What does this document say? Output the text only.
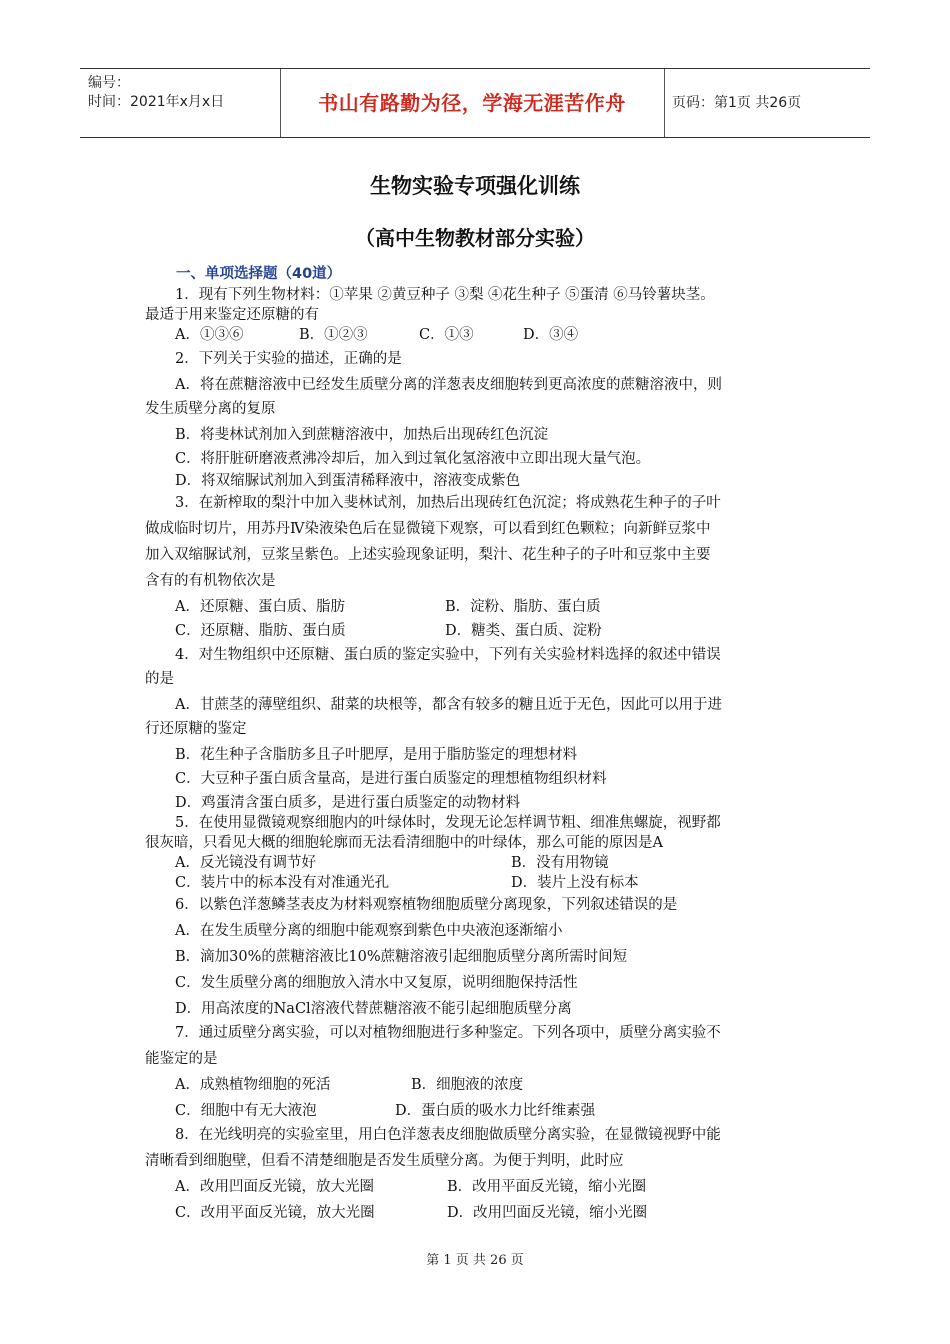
编号：
时间：2021年x月x日	书山有路勤为径，学海无涯苦作舟	页码：第1页 共26页
生物实验专项强化训练
（高中生物教材部分实验）
一、单项选择题（40道）
1．现有下列生物材料：①苹果 ②黄豆种子 ③梨 ④花生种子 ⑤蛋清 ⑥马铃薯块茎。
最适于用来鉴定还原糖的有
A．①③⑥	B．①②③	C．①③	D．③④
2．下列关于实验的描述，正确的是
A．将在蔗糖溶液中已经发生质壁分离的洋葱表皮细胞转到更高浓度的蔗糖溶液中，则
发生质壁分离的复原
B．将斐林试剂加入到蔗糖溶液中，加热后出现砖红色沉淀
C．将肝脏研磨液煮沸冷却后，加入到过氧化氢溶液中立即出现大量气泡。
D．将双缩脲试剂加入到蛋清稀释液中，溶液变成紫色
3．在新榨取的梨汁中加入斐林试剂，加热后出现砖红色沉淀；将成熟花生种子的子叶
做成临时切片，用苏丹Ⅳ染液染色后在显微镜下观察，可以看到红色颗粒；向新鲜豆浆中
加入双缩脲试剂，豆浆呈紫色。上述实验现象证明，梨汁、花生种子的子叶和豆浆中主要
含有的有机物依次是
A．还原糖、蛋白质、脂肪	B．淀粉、脂肪、蛋白质
C．还原糖、脂肪、蛋白质	D．糖类、蛋白质、淀粉
4．对生物组织中还原糖、蛋白质的鉴定实验中，下列有关实验材料选择的叙述中错误
的是
A．甘蔗茎的薄壁组织、甜菜的块根等，都含有较多的糖且近于无色，因此可以用于进
行还原糖的鉴定
B．花生种子含脂肪多且子叶肥厚，是用于脂肪鉴定的理想材料
C．大豆种子蛋白质含量高，是进行蛋白质鉴定的理想植物组织材料
D．鸡蛋清含蛋白质多，是进行蛋白质鉴定的动物材料
5．在使用显微镜观察细胞内的叶绿体时，发现无论怎样调节粗、细准焦螺旋，视野都
很灰暗，只看见大概的细胞轮廓而无法看清细胞中的叶绿体，那么可能的原因是A
A．反光镜没有调节好	B．没有用物镜
C．装片中的标本没有对准通光孔	D．装片上没有标本
6．以紫色洋葱鳞茎表皮为材料观察植物细胞质壁分离现象，下列叙述错误的是
A．在发生质壁分离的细胞中能观察到紫色中央液泡逐渐缩小
B．滴加30%的蔗糖溶液比10%蔗糖溶液引起细胞质壁分离所需时间短
C．发生质壁分离的细胞放入清水中又复原，说明细胞保持活性
D．用高浓度的NaCl溶液代替蔗糖溶液不能引起细胞质壁分离
7．通过质壁分离实验，可以对植物细胞进行多种鉴定。下列各项中，质壁分离实验不
能鉴定的是
A．成熟植物细胞的死活	B．细胞液的浓度
C．细胞中有无大液泡	D．蛋白质的吸水力比纤维素强
8．在光线明亮的实验室里，用白色洋葱表皮细胞做质壁分离实验，在显微镜视野中能
清晰看到细胞壁，但看不清楚细胞是否发生质壁分离。为便于判明，此时应
A．改用凹面反光镜，放大光圈	B．改用平面反光镜，缩小光圈
C．改用平面反光镜，放大光圈	D．改用凹面反光镜，缩小光圈
第 1 页 共 26 页
